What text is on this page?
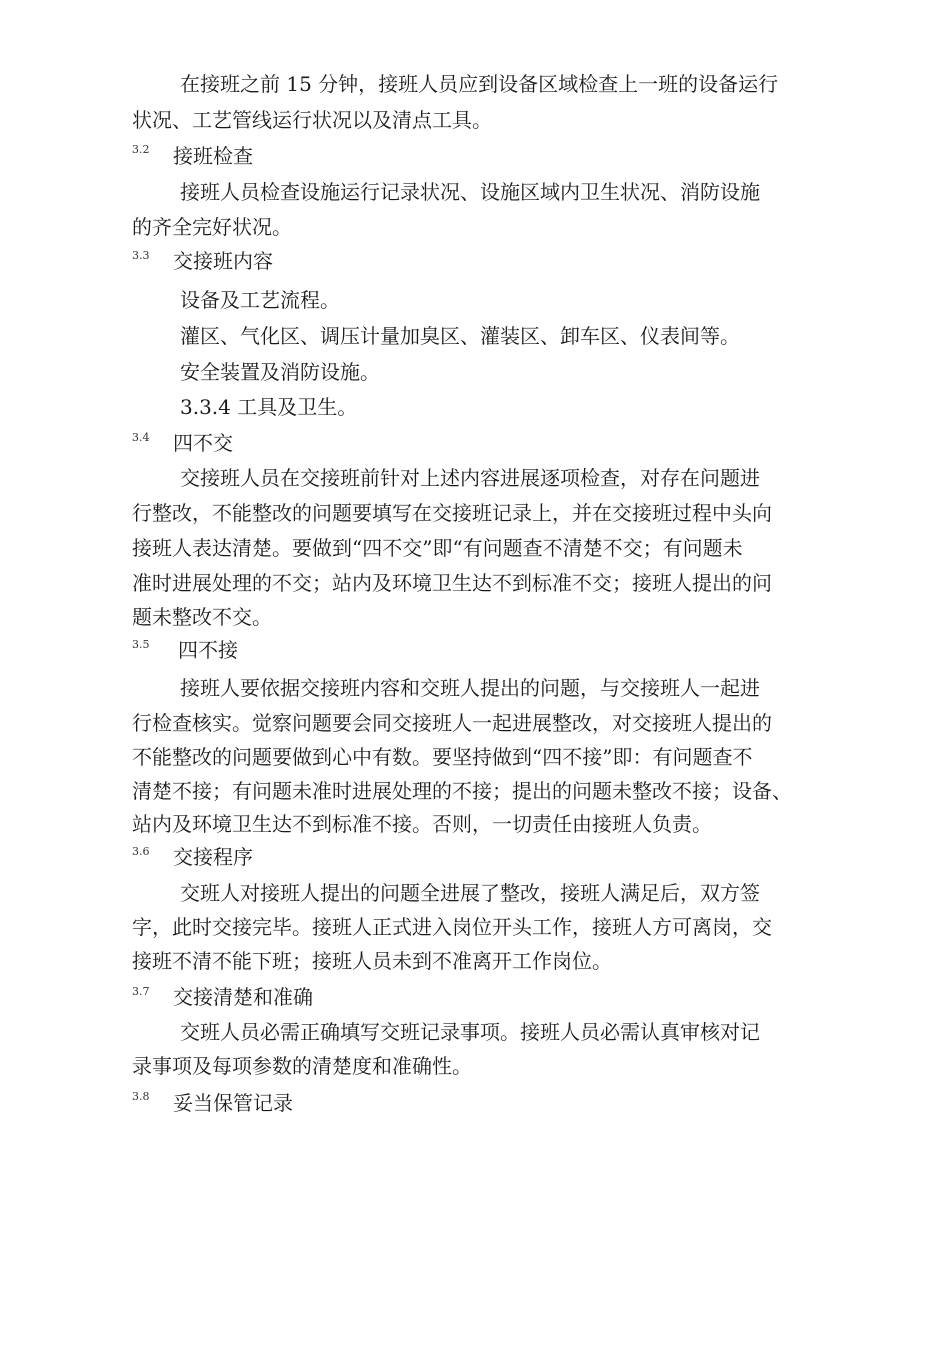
在接班之前 15 分钟，接班人员应到设备区域检查上一班的设备运行
状况、工艺管线运行状况以及清点工具。
3.2 接班检查
接班人员检查设施运行记录状况、设施区域内卫生状况、消防设施
的齐全完好状况。
3.3 交接班内容
设备及工艺流程。
灌区、气化区、调压计量加臭区、灌装区、卸车区、仪表间等。
安全装置及消防设施。
3.3.4 工具及卫生。
3.4 四不交
交接班人员在交接班前针对上述内容进展逐项检查，对存在问题进
行整改，不能整改的问题要填写在交接班记录上，并在交接班过程中头向
接班人表达清楚。要做到“四不交”即“有问题查不清楚不交；有问题未
准时进展处理的不交；站内及环境卫生达不到标准不交；接班人提出的问
题未整改不交。
3.5 四不接
接班人要依据交接班内容和交班人提出的问题，与交接班人一起进
行检查核实。觉察问题要会同交接班人一起进展整改，对交接班人提出的
不能整改的问题要做到心中有数。要坚持做到“四不接”即：有问题查不
清楚不接；有问题未准时进展处理的不接；提出的问题未整改不接；设备、
站内及环境卫生达不到标准不接。否则，一切责任由接班人负责。
3.6 交接程序
交班人对接班人提出的问题全进展了整改，接班人满足后，双方签
字，此时交接完毕。接班人正式进入岗位开头工作，接班人方可离岗，交
接班不清不能下班；接班人员未到不准离开工作岗位。
3.7 交接清楚和准确
交班人员必需正确填写交班记录事项。接班人员必需认真审核对记
录事项及每项参数的清楚度和准确性。
3.8 妥当保管记录
